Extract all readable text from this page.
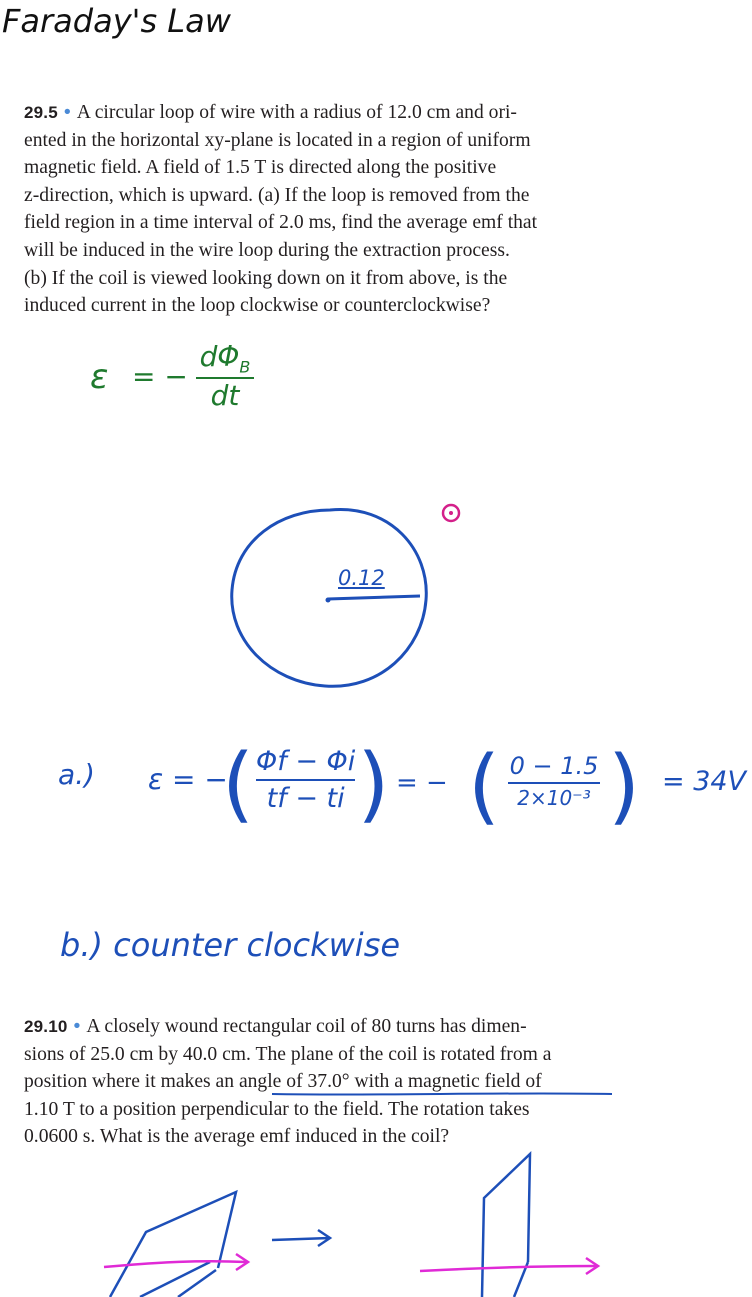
Faraday's Law
29.5 • A circular loop of wire with a radius of 12.0 cm and ori-
ented in the horizontal xy-plane is located in a region of uniform
magnetic field. A field of 1.5 T is directed along the positive
z-direction, which is upward. (a) If the loop is removed from the
field region in a time interval of 2.0 ms, find the average emf that
will be induced in the wire loop during the extraction process.
(b) If the coil is viewed looking down on it from above, is the
induced current in the loop clockwise or counterclockwise?
ε = −
$d\Phi_B$
dt
0.12
a.) ε = −
( Φf − Φi
tf − ti ) = − ( 0 − 1.5
2×10⁻³ ) = 34V
b.) counter clockwise
29.10 • A closely wound rectangular coil of 80 turns has dimen-
sions of 25.0 cm by 40.0 cm. The plane of the coil is rotated from a
position where it makes an angle of 37.0° with a magnetic field of
1.10 T to a position perpendicular to the field. The rotation takes
0.0600 s. What is the average emf induced in the coil?
